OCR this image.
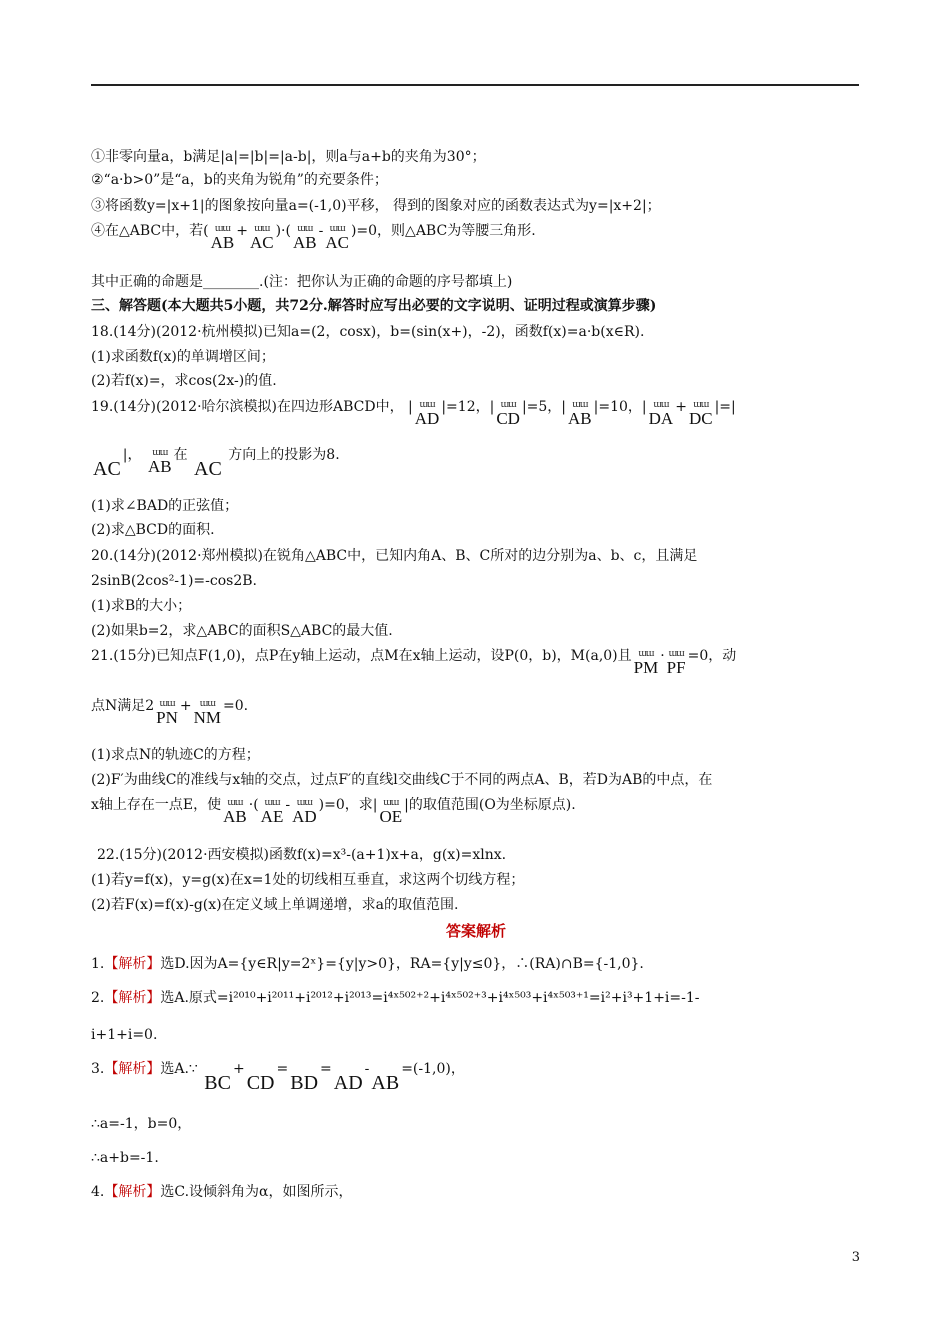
①非零向量a，b满足|a|=|b|=|a-b|，则a与a+b的夹角为30°；
②“a·b>0”是“a，b的夹角为锐角”的充要条件；
③将函数y=|x+1|的图象按向量a=(-1,0)平移， 得到的图象对应的函数表达式为y=|x+2|；
④在△ABC中，若( ɯɯ
AB
+ ɯɯ
AC
)·( ɯɯ
AB
- ɯɯ
AC
)=0，则△ABC为等腰三角形.
其中正确的命题是________.(注：把你认为正确的命题的序号都填上)
三、解答题(本大题共5小题，共72分.解答时应写出必要的文字说明、证明过程或演算步骤)
18.(14分)(2012·杭州模拟)已知a=(2，cosx)，b=(sin(x+)，-2)，函数f(x)=a·b(x∈R).
(1)求函数f(x)的单调增区间；
(2)若f(x)=，求cos(2x-)的值.
19.(14分)(2012·哈尔滨模拟)在四边形ABCD中， | ɯɯ
AD
|=12，| ɯɯ
CD
|=5，| ɯɯ
AB
|=10，| ɯɯ
DA
+ ɯɯ
DC
|=|

AC
|， ɯɯ
AB
在

AC
方向上的投影为8.
(1)求∠BAD的正弦值；
(2)求△BCD的面积.
20.(14分)(2012·郑州模拟)在锐角△ABC中，已知内角A、B、C所对的边分别为a、b、c，且满足
2sinB(2cos²-1)=-cos2B.
(1)求B的大小；
(2)如果b=2，求△ABC的面积S△ABC的最大值.
21.(15分)已知点F(1,0)，点P在y轴上运动，点M在x轴上运动，设P(0，b)，M(a,0)且 ɯɯ
PM
· ɯɯ
PF
=0，动
点N满足2 ɯɯ
PN
+ ɯɯ
NM
=0.
(1)求点N的轨迹C的方程；
(2)F′为曲线C的准线与x轴的交点，过点F′的直线l交曲线C于不同的两点A、B，若D为AB的中点，在
x轴上存在一点E，使 ɯɯ
AB
·( ɯɯ
AE
- ɯɯ
AD
)=0，求| ɯɯ
OE
|的取值范围(O为坐标原点).
22.(15分)(2012·西安模拟)函数f(x)=x³-(a+1)x+a，g(x)=xlnx.
(1)若y=f(x)，y=g(x)在x=1处的切线相互垂直，求这两个切线方程；
(2)若F(x)=f(x)-g(x)在定义域上单调递增，求a的取值范围.
答案解析
1.【解析】选D.因为A={y∈R|y=2ˣ}={y|y>0}，RA={y|y≤0}，∴(RA)∩B={-1,0}.
2.【解析】选A.原式=i²⁰¹⁰+i²⁰¹¹+i²⁰¹²+i²⁰¹³=i⁴ˣ⁵⁰²⁺²+i⁴ˣ⁵⁰²⁺³+i⁴ˣ⁵⁰³+i⁴ˣ⁵⁰³⁺¹=i²+i³+1+i=-1-
i+1+i=0.
3.【解析】选A.∵

BC
+

CD
=

BD
=

AD
-

AB
=(-1,0)，
∴a=-1，b=0，
∴a+b=-1.
4.【解析】选C.设倾斜角为α，如图所示，
3
